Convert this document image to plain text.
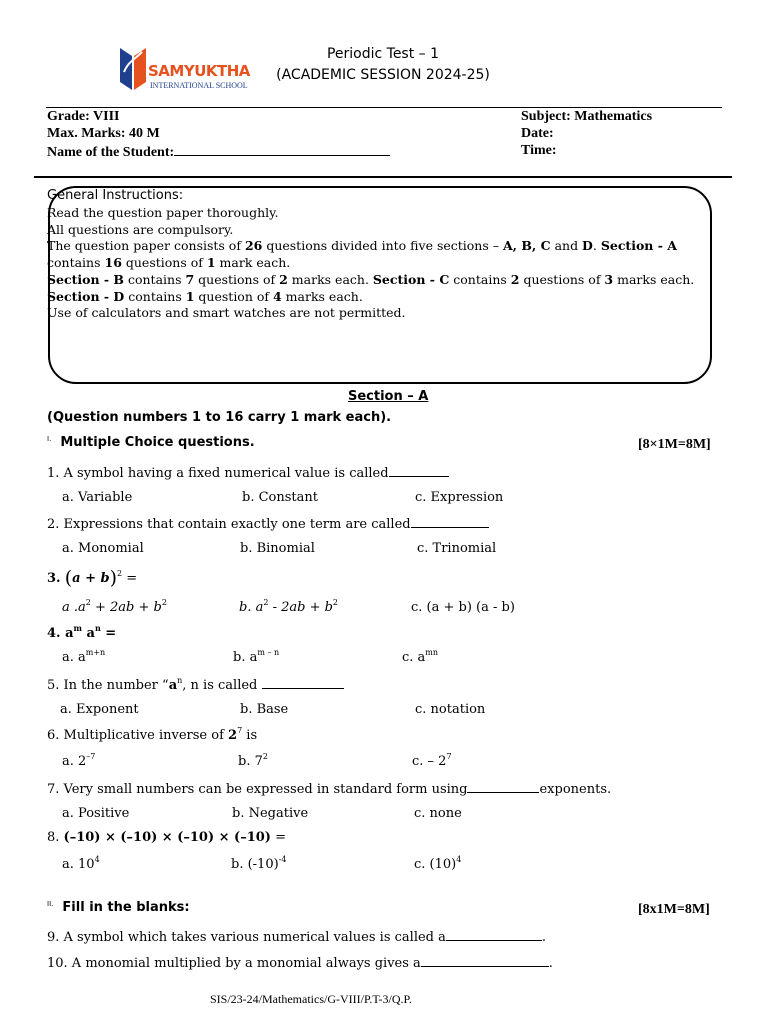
SAMYUKTHA
INTERNATIONAL SCHOOL
Periodic Test – 1
(ACADEMIC SESSION 2024-25)
Grade: VIII
Max. Marks: 40 M
Name of the Student:
Subject: Mathematics
Date:
Time:
General Instructions:
Read the question paper thoroughly.
All questions are compulsory.
The question paper consists of 26 questions divided into five sections – A, B, C and D. Section - A
contains 16 questions of 1 mark each.
Section - B contains 7 questions of 2 marks each. Section - C contains 2 questions of 3 marks each.
Section - D contains 1 question of 4 marks each.
Use of calculators and smart watches are not permitted.
Section – A
(Question numbers 1 to 16 carry 1 mark each).
$^{I.}$ Multiple Choice questions.	[8×1M=8M]
1. A symbol having a fixed numerical value is called
a. Variable	b. Constant	c. Expression
2. Expressions that contain exactly one term are called
a. Monomial	b. Binomial	c. Trinomial
3. $(a + b)^2$ =
a $.a^2 + 2ab + b^2$	b. $a^2 - 2ab + b^2$	c. (a + b) (a - b)
4. $a^m$ $a^n$ =
a. $a^{m+n}$	b. $a^{m - n}$	c. $a^{mn}$
5. In the number “$a^n$, n is called
a. Exponent	b. Base	c. notation
6. Multiplicative inverse of $2^7$ is
a. $2^{-7}$	b. $7^2$	c. – $2^7$
7. Very small numbers can be expressed in standard form using	exponents.
a. Positive	b. Negative	c. none
8. (–10) × (–10) × (–10) × (–10) =
a. $10^4$	b. $(-10)^{-4}$	c. $(10)^4$
$^{II.}$ Fill in the blanks:	[8x1M=8M]
9. A symbol which takes various numerical values is called a	.
10. A monomial multiplied by a monomial always gives a	.
SIS/23-24/Mathematics/G-VIII/P.T-3/Q.P.
